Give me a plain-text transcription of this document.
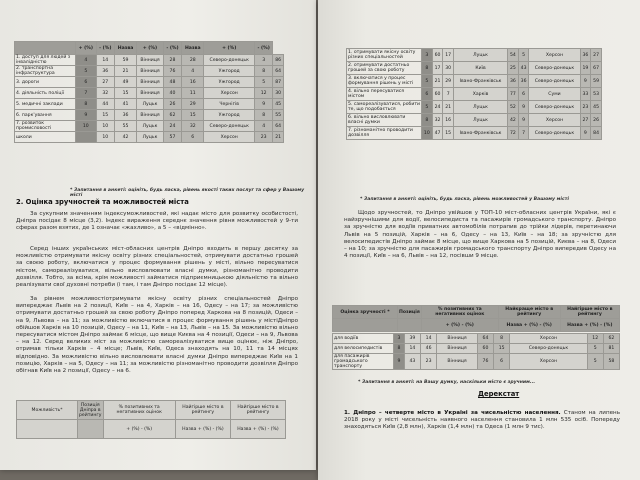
	+ (%)	- (%)	Назва	+ (%)	- (%)	Назва	+ (%)	- (%)	
1. доступ для людей з інвалідністю	4	14	59	Вінниця	28	28	Северо-донецьк	3	86
2. транспортна інфраструктура	5	36	21	Вінниця	76	4	Ужгород	8	64
3. дороги	6	27	49	Вінниця	48	16	Ужгород	5	87
4. діяльність поліції	7	32	15	Вінниця	40	11	Херсон	12	30
5. медичні заклади	8	44	41	Луцьк	26	29	Чернігів	9	45
6. парк'ування	9	15	36	Вінниця	62	15	Ужгород	8	55
7. розвиток промисловості	10	10	55	Луцьк	24	32	Северо-донецьк	4	64
школи		10	42	Луцьк	57	6	Херсон	23	21
* Запитання в анкеті: оцініть, будь ласка, рівень якості таких послуг та сфер у Вашому місті
2. Оцінка зручностей та можливостей міста
За сукупним значенням індексуможливостей, які надає місто для розвитку особистості, Дніпра посідає 8 місце (3,2). Індекс вираження середнє значення рівня можливостей у 9-ти сферах разом взятих, де 1 означає «жахливо», а 5 – «відмінно».
Серед інших українських міст-обласних центрів Дніпро входить в першу десятку за можливістю отримувати якісну освіту різних спеціальностей, отримувати достатньо грошей за своєю роботу, включатися у процес формування рішень у місті, вільно пересуватися містом, самореалізуватися, вільно висловлювати власні думки, різноманітно проводити дозвілля. Тобто, за всіма, крім можливості займатися підприємницькою діяльністю та вільно реалізувати свої духовні потреби (і там, і там Дніпро посідає 12 місце).
За рівнем можливостіотримувати якісну освіту різних спеціальностей Дніпро випереджає Львів на 2 позиції, Київ – на 4, Харків – на 16, Одесу – на 17; за можливістю отримувати достатньо грошей за свою роботу Дніпро поперед Харкова на 8 позицій, Одеси – на 9, Львова – на 11; за можливістю включатися в процес формування рішень у містіДніпро обійшов Харків на 10 позицій, Одесу – на 11, Київ – на 13, Львів – на 15. За можливістю вільно пересуватися містом Дніпро займає 6 місце, що вище Києва на 4 позиції, Одеси – на 9, Львова – на 12. Серед великих міст за можливістю самореалізуватися вище оцінює, ніж Дніпро, отримав тільки Харків – 4 місце; Львів, Київ, Одеса знаходять на 10, 11 та 14 місцях відповідно. За можливістю вільно висловлювати власні думки Дніпро випереджає Київ на 1 позицію, Харків – на 5, Одесу – на 11; за можливістю різноманітно проводити дозвілля Дніпро обігнав Київ на 2 позиції, Одесу – на 6.
Можливість*	Позиція Дніпра в рейтингу	% позитивних та негативних оцінок	Найгірше місто в рейтингу	Найгірше місто в рейтингу
		+ (%) - (%)	Назва + (%) - (%)	Назва + (%) - (%)
1. отримувати якісну освіту різних спеціальностей	3	60	17	Луцьк	54	5	Херсон	36	27
2. отримувати достатньо грошей за свою роботу	8	17	30	Київ	25	43	Северо-донецьк	19	67
3. включатися у процес формування рішень у місті	5	21	29	Івано-Франківськ	36	36	Северо-донецьк	9	59
4. вільно пересуватися містом	6	60	7	Харків	77	6	Суми	33	53
5. самореалізуватися, робити те, що подобається	5	24	21	Луцьк	52	9	Северо-донецьк	23	45
6. вільно висловлювати власні думки	8	32	16	Луцьк	42	9	Херсон	27	26
7. різноманітно проводити дозвілля	10	47	15	Івано-Франківськ	72	7	Северо-донецьк	9	84
* Запитання в анкеті: оцініть, будь ласка, рівень можливостей у Вашому місті
Щодо зручностей, то Дніпро увійшов у ТОП-10 міст-обласних центрів України, які є найзручнішими для водії, велосипедиста та пасажирів громадського транспорту. Дніпро за зручністю для водіїв приватних автомобілів потрапив до трійки лідерів, перетинаючи Львів на 5 позицій, Харків – на 6, Одесу – на 13, Київ – на 18; за зручністю для велосипедистів Дніпро займає 8 місце, що вище Харкова на 5 позицій, Києва – на 8, Одеси – на 10; за зручністю для пасажирів громадського транспорту Дніпро випередив Одесу на 4 позиції, Київ – на 6, Львів – на 12, посівши 9 місце.
Оцінка зручності *	Позиція	% позитивних та негативних оцінок	Найкраще місто в рейтингу	Найгірше місто в рейтингу
		+ (%) - (%)	Назва + (%) - (%)	Назва + (%) - (%)
для водіїв	3	39	14	Вінниця	64	8	Херсон	12	62
для велосипедистів	8	14	46	Вінниця	60	15	Северо-донецьк	5	81
для пасажирів громадського транспорту	9	43	23	Вінниця	76	6	Херсон	5	58
* Запитання в анкеті: на Вашу думку, наскільки місто є зручним...
Дерекстат
1. Дніпро – четверте місто в Україні за чисельністю населення. Станом на липень 2018 року у місті чисельність наявного населення становила 1 млн 535 осіб. Попереду знаходяться Київ (2,8 млн), Харків (1,4 млн) та Одеса (1 млн 9 тис).
